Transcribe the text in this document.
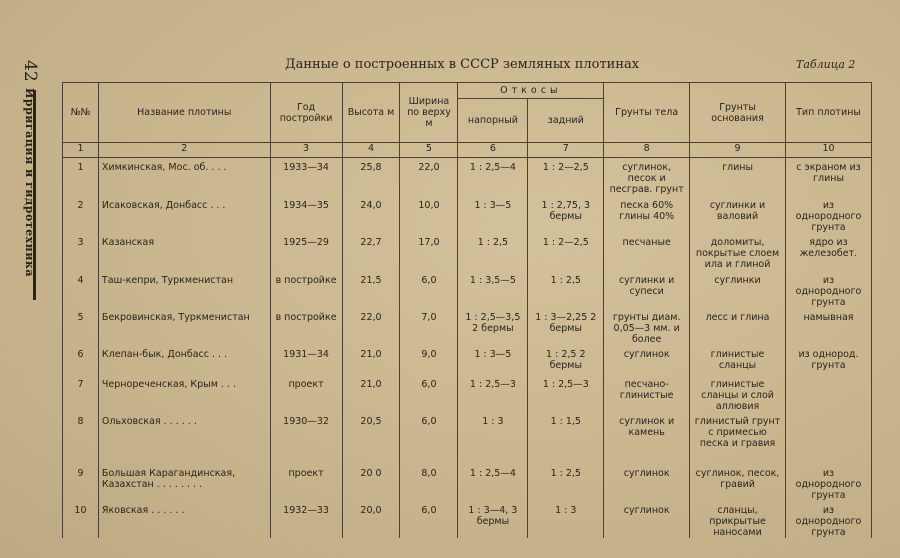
42
Ирригация и гидротехника
Данные о построенных в СССР земляных плотинах	Таблица 2
№№	Название плотины	Год постройки	Высота м	Ширина по верху м	Откосы		Грунты тела	Грунты основания	Тип плотины
					напорный	задний			
1	2	3	4	5	6	7	8	9	10
1	Химкинская, Мос. об. . . .	1933—34	25,8	22,0	1 : 2,5—4	1 : 2—2,5	суглинок, песок и пеcграв. грунт	глины	с экраном из глины
2	Исаковская, Донбасс . . .	1934—35	24,0	10,0	1 : 3—5	1 : 2,75, 3 бермы	песка 60% глины 40%	суглинки и валовий	из однородного грунта
3	Казанская	1925—29	22,7	17,0	1 : 2,5	1 : 2—2,5	песчаные	доломиты, покрытые слоем ила и глиной	ядро из железобет.
4	Таш-кепри, Туркменистан	в постройке	21,5	6,0	1 : 3,5—5	1 : 2,5	суглинки и супеси	суглинки	из однородного грунта
5	Бекровинская, Туркменистан	в постройке	22,0	7,0	1 : 2,5—3,5 2 бермы	1 : 3—2,25 2 бермы	грунты диам. 0,05—3 мм. и более	лесс и глина	намывная
6	Клепан-бык, Донбасс . . .	1931—34	21,0	9,0	1 : 3—5	1 : 2,5 2 бермы	суглинок	глинистые сланцы	из однород. грунта
7	Чернореченская, Крым . . .	проект	21,0	6,0	1 : 2,5—3	1 : 2,5—3	песчано-глинистые	глинистые сланцы и слой аллювия	
8	Ольховская . . . . . .	1930—32	20,5	6,0	1 : 3	1 : 1,5	суглинок и камень	глинистый грунт с примесью песка и гравия	
9	Большая Карагандинская, Казахстан . . . . . . . .	проект	20 0	8,0	1 : 2,5—4	1 : 2,5	суглинок	суглинок, песок, гравий	из однородного грунта
10	Яковская . . . . . .	1932—33	20,0	6,0	1 : 3—4, 3 бермы	1 : 3	суглинок	сланцы, прикрытые наносами	из однородного грунта
